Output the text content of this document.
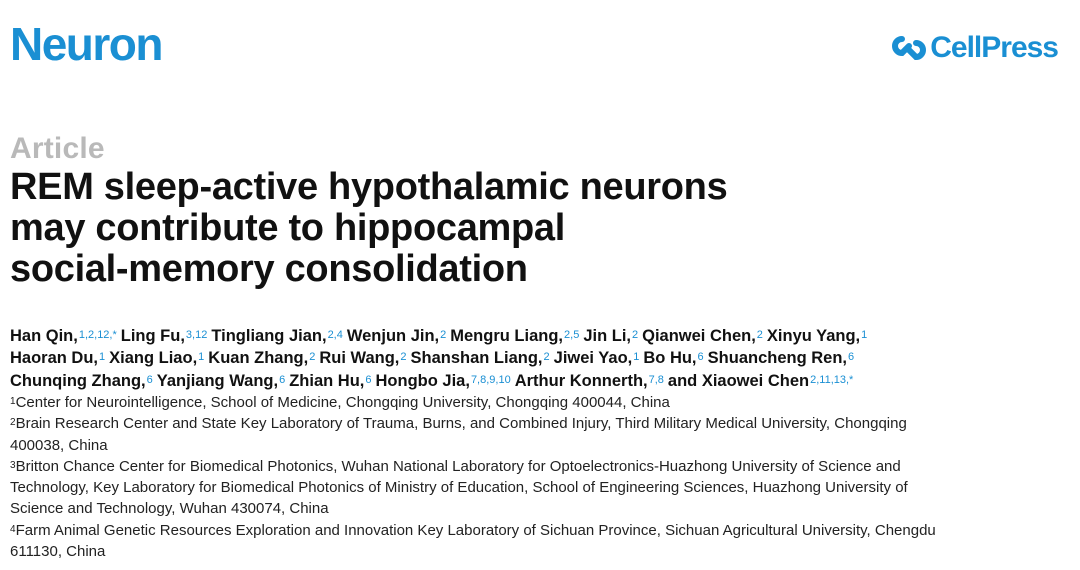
Neuron	CellPress
Article
REM sleep-active hypothalamic neurons
may contribute to hippocampal
social-memory consolidation
Han Qin,$^{1,2,12,*}$ Ling Fu,$^{3,12}$ Tingliang Jian,$^{2,4}$ Wenjun Jin,$^2$ Mengru Liang,$^{2,5}$ Jin Li,$^2$ Qianwei Chen,$^2$ Xinyu Yang,$^1$
Haoran Du,$^1$ Xiang Liao,$^1$ Kuan Zhang,$^2$ Rui Wang,$^2$ Shanshan Liang,$^2$ Jiwei Yao,$^1$ Bo Hu,$^6$ Shuancheng Ren,$^6$
Chunqing Zhang,$^6$ Yanjiang Wang,$^6$ Zhian Hu,$^6$ Hongbo Jia,$^{7,8,9,10}$ Arthur Konnerth,$^{7,8}$ and Xiaowei Chen$^{2,11,13,*}$
$^1$Center for Neurointelligence, School of Medicine, Chongqing University, Chongqing 400044, China
$^2$Brain Research Center and State Key Laboratory of Trauma, Burns, and Combined Injury, Third Military Medical University, Chongqing
400038, China
$^3$Britton Chance Center for Biomedical Photonics, Wuhan National Laboratory for Optoelectronics-Huazhong University of Science and
Technology, Key Laboratory for Biomedical Photonics of Ministry of Education, School of Engineering Sciences, Huazhong University of
Science and Technology, Wuhan 430074, China
$^4$Farm Animal Genetic Resources Exploration and Innovation Key Laboratory of Sichuan Province, Sichuan Agricultural University, Chengdu
611130, China
